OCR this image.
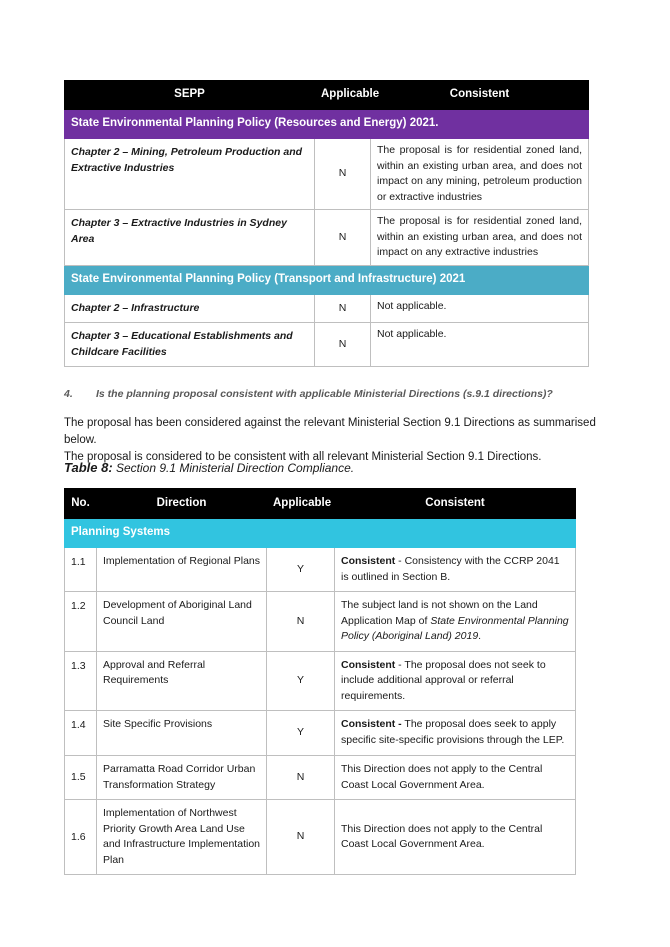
SEPP	Applicable	Consistent
State Environmental Planning Policy (Resources and Energy) 2021.		
Chapter 2 – Mining, Petroleum Production and Extractive Industries	N	The proposal is for residential zoned land, within an existing urban area, and does not impact on any mining, petroleum production or extractive industries
Chapter 3 – Extractive Industries in Sydney Area	N	The proposal is for residential zoned land, within an existing urban area, and does not impact on any extractive industries
State Environmental Planning Policy (Transport and Infrastructure) 2021		
Chapter 2 – Infrastructure	N	Not applicable.
Chapter 3 – Educational Establishments and Childcare Facilities	N	Not applicable.

4. Is the planning proposal consistent with applicable Ministerial Directions (s.9.1 directions)?

The proposal has been considered against the relevant Ministerial Section 9.1 Directions as summarised below.
The proposal is considered to be consistent with all relevant Ministerial Section 9.1 Directions.

Table 8: Section 9.1 Ministerial Direction Compliance.

No.	Direction	Applicable	Consistent
Planning Systems			
1.1	Implementation of Regional Plans	Y	Consistent - Consistency with the CCRP 2041 is outlined in Section B.
1.2	Development of Aboriginal Land Council Land	N	The subject land is not shown on the Land Application Map of State Environmental Planning Policy (Aboriginal Land) 2019.
1.3	Approval and Referral Requirements	Y	Consistent - The proposal does not seek to include additional approval or referral requirements.
1.4	Site Specific Provisions	Y	Consistent - The proposal does seek to apply specific site-specific provisions through the LEP.
1.5	Parramatta Road Corridor Urban Transformation Strategy	N	This Direction does not apply to the Central Coast Local Government Area.
1.6	Implementation of Northwest Priority Growth Area Land Use and Infrastructure Implementation Plan	N	This Direction does not apply to the Central Coast Local Government Area.
